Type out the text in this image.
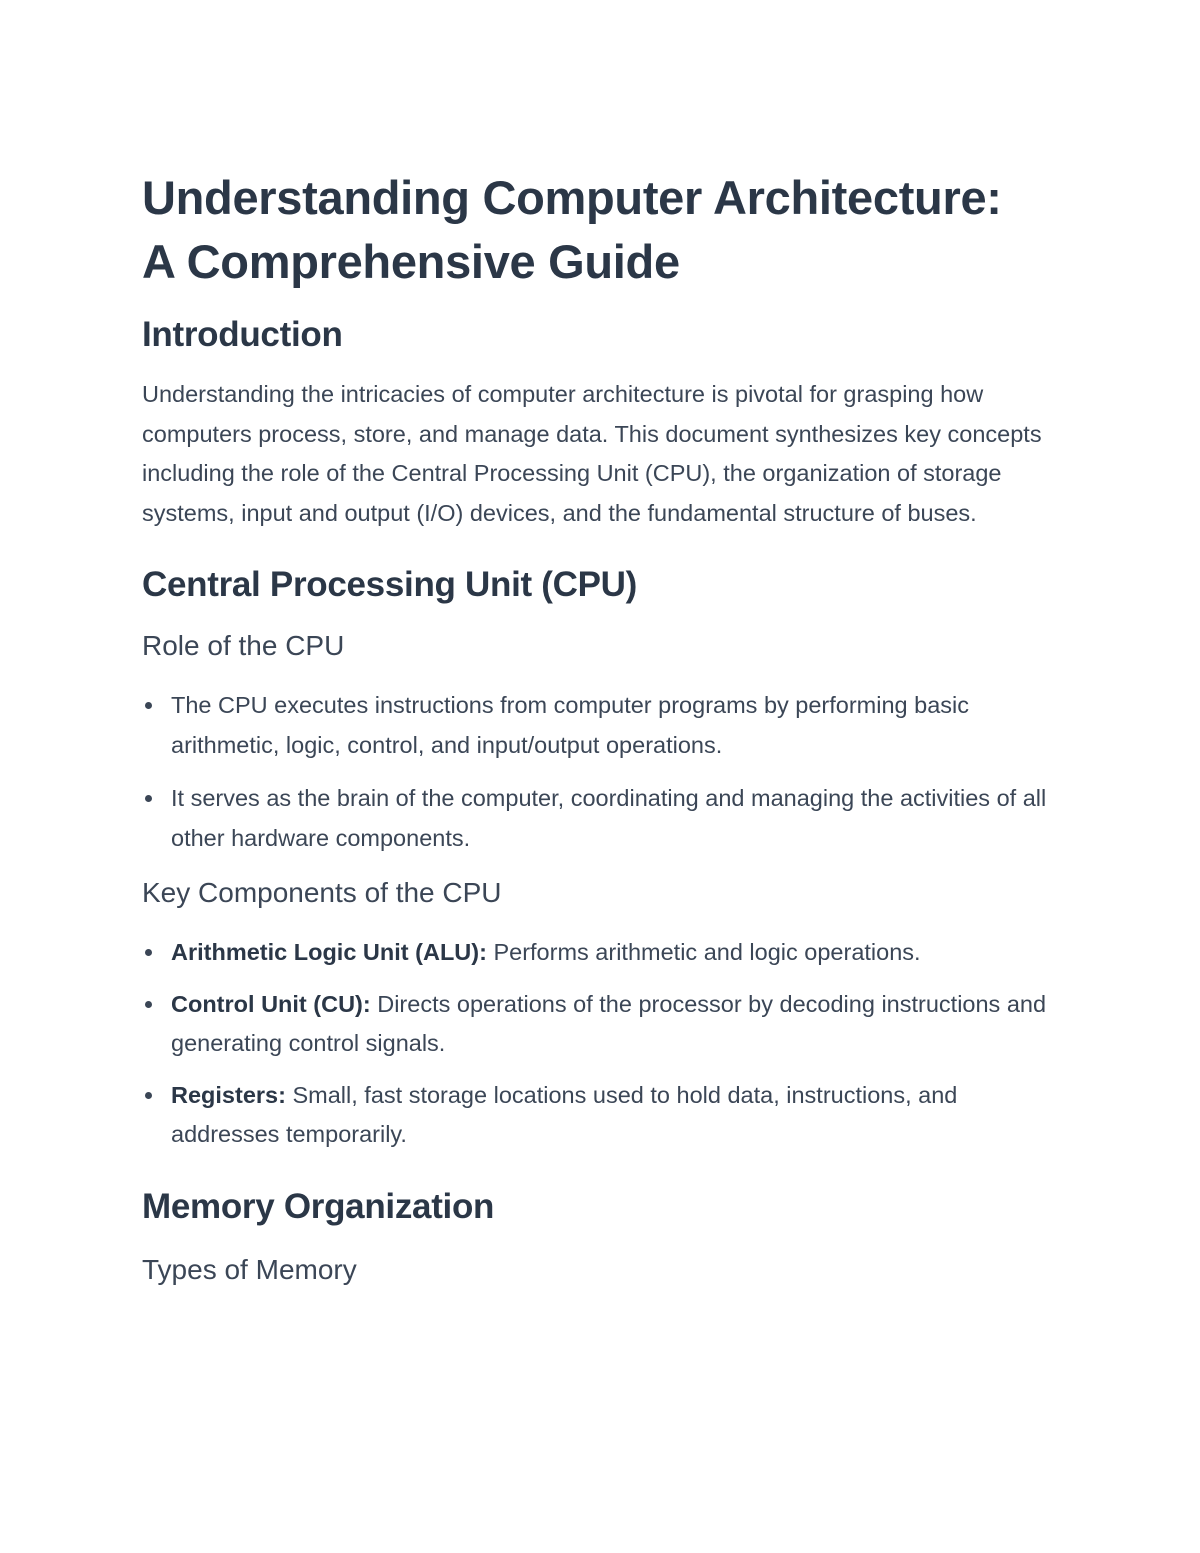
Understanding Computer Architecture:
A Comprehensive Guide
Introduction

Understanding the intricacies of computer architecture is pivotal for grasping how computers process, store, and manage data. This document synthesizes key concepts including the role of the Central Processing Unit (CPU), the organization of storage systems, input and output (I/O) devices, and the fundamental structure of buses.

Central Processing Unit (CPU)
Role of the CPU
The CPU executes instructions from computer programs by performing basic arithmetic, logic, control, and input/output operations.
It serves as the brain of the computer, coordinating and managing the activities of all other hardware components.
Key Components of the CPU
Arithmetic Logic Unit (ALU): Performs arithmetic and logic operations.
Control Unit (CU): Directs operations of the processor by decoding instructions and generating control signals.
Registers: Small, fast storage locations used to hold data, instructions, and addresses temporarily.
Memory Organization
Types of Memory
